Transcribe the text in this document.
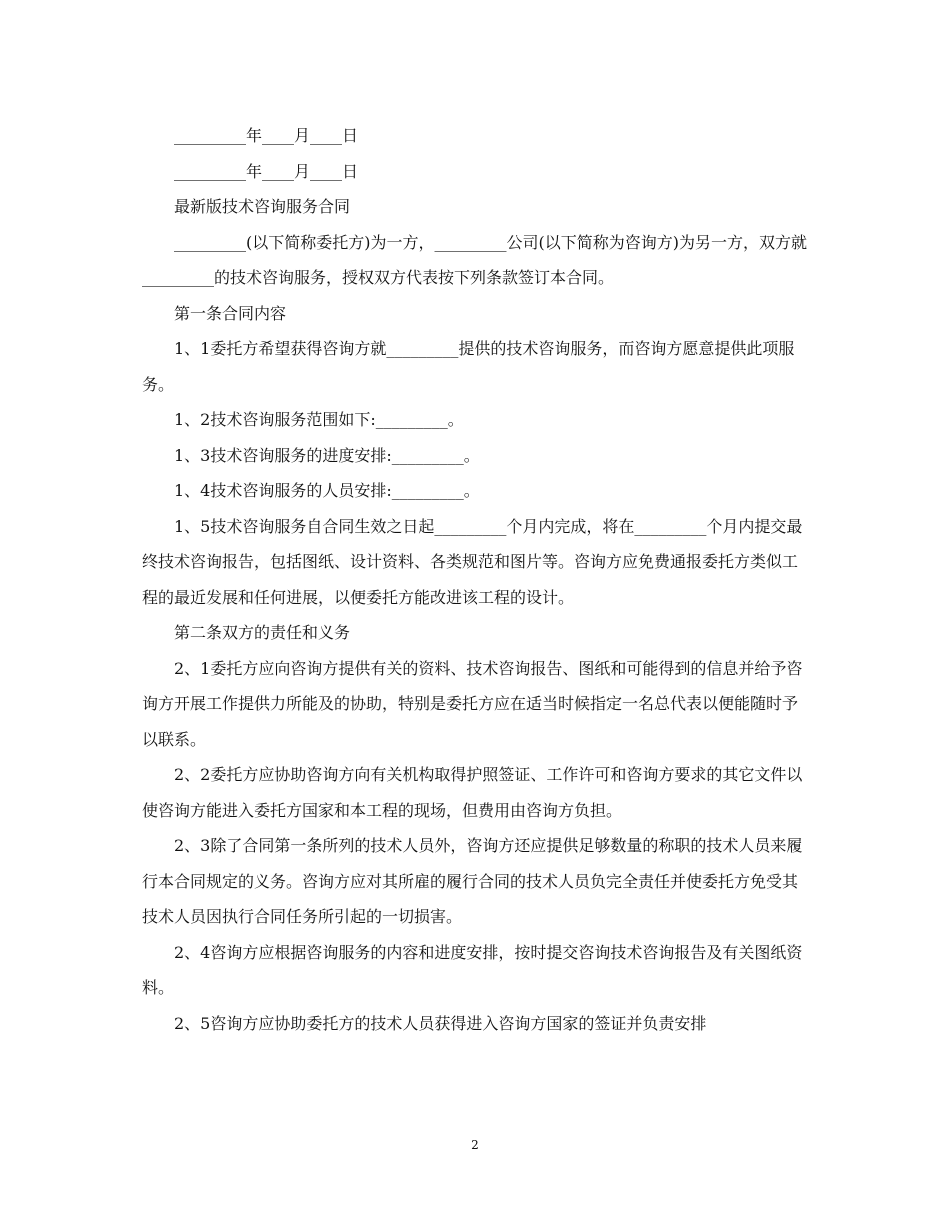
_________年____月____日

_________年____月____日

最新版技术咨询服务合同

_________(以下简称委托方)为一方，_________公司(以下简称为咨询方)为另一方，双方就_________的技术咨询服务，授权双方代表按下列条款签订本合同。

第一条合同内容

1、1委托方希望获得咨询方就_________提供的技术咨询服务，而咨询方愿意提供此项服务。

1、2技术咨询服务范围如下:_________。

1、3技术咨询服务的进度安排:_________。

1、4技术咨询服务的人员安排:_________。

1、5技术咨询服务自合同生效之日起_________个月内完成，将在_________个月内提交最终技术咨询报告，包括图纸、设计资料、各类规范和图片等。咨询方应免费通报委托方类似工程的最近发展和任何进展，以便委托方能改进该工程的设计。

第二条双方的责任和义务

2、1委托方应向咨询方提供有关的资料、技术咨询报告、图纸和可能得到的信息并给予咨询方开展工作提供力所能及的协助，特别是委托方应在适当时候指定一名总代表以便能随时予以联系。

2、2委托方应协助咨询方向有关机构取得护照签证、工作许可和咨询方要求的其它文件以使咨询方能进入委托方国家和本工程的现场，但费用由咨询方负担。

2、3除了合同第一条所列的技术人员外，咨询方还应提供足够数量的称职的技术人员来履行本合同规定的义务。咨询方应对其所雇的履行合同的技术人员负完全责任并使委托方免受其技术人员因执行合同任务所引起的一切损害。

2、4咨询方应根据咨询服务的内容和进度安排，按时提交咨询技术咨询报告及有关图纸资料。

2、5咨询方应协助委托方的技术人员获得进入咨询方国家的签证并负责安排

2
